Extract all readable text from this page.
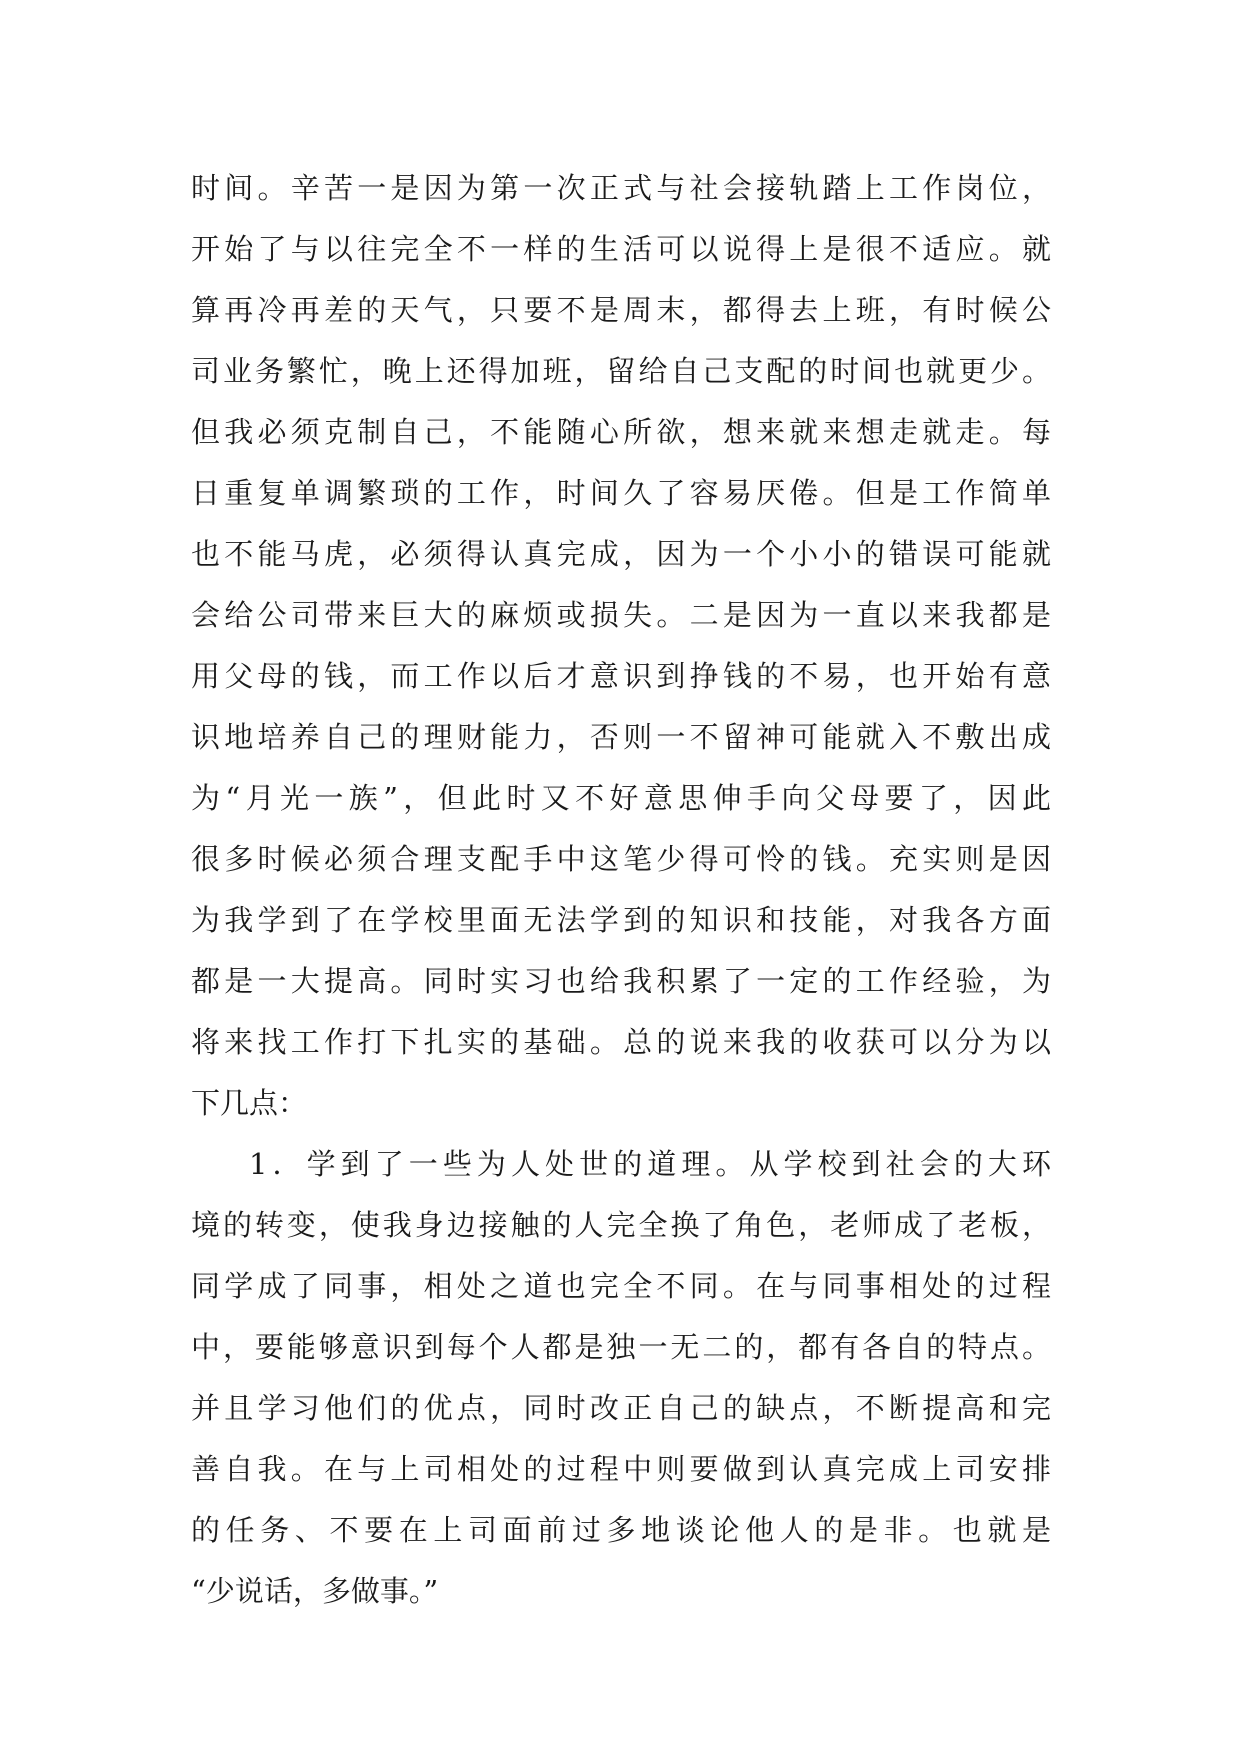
时间。辛苦一是因为第一次正式与社会接轨踏上工作岗位，
开始了与以往完全不一样的生活可以说得上是很不适应。就
算再冷再差的天气，只要不是周末，都得去上班，有时候公
司业务繁忙，晚上还得加班，留给自己支配的时间也就更少。
但我必须克制自己，不能随心所欲，想来就来想走就走。每
日重复单调繁琐的工作，时间久了容易厌倦。但是工作简单
也不能马虎，必须得认真完成，因为一个小小的错误可能就
会给公司带来巨大的麻烦或损失。二是因为一直以来我都是
用父母的钱，而工作以后才意识到挣钱的不易，也开始有意
识地培养自己的理财能力，否则一不留神可能就入不敷出成
为“月光一族”，但此时又不好意思伸手向父母要了，因此
很多时候必须合理支配手中这笔少得可怜的钱。充实则是因
为我学到了在学校里面无法学到的知识和技能，对我各方面
都是一大提高。同时实习也给我积累了一定的工作经验，为
将来找工作打下扎实的基础。总的说来我的收获可以分为以
下几点：
1．学到了一些为人处世的道理。从学校到社会的大环
境的转变，使我身边接触的人完全换了角色，老师成了老板，
同学成了同事，相处之道也完全不同。在与同事相处的过程
中，要能够意识到每个人都是独一无二的，都有各自的特点。
并且学习他们的优点，同时改正自己的缺点，不断提高和完
善自我。在与上司相处的过程中则要做到认真完成上司安排
的任务、不要在上司面前过多地谈论他人的是非。也就是
“少说话，多做事。”
